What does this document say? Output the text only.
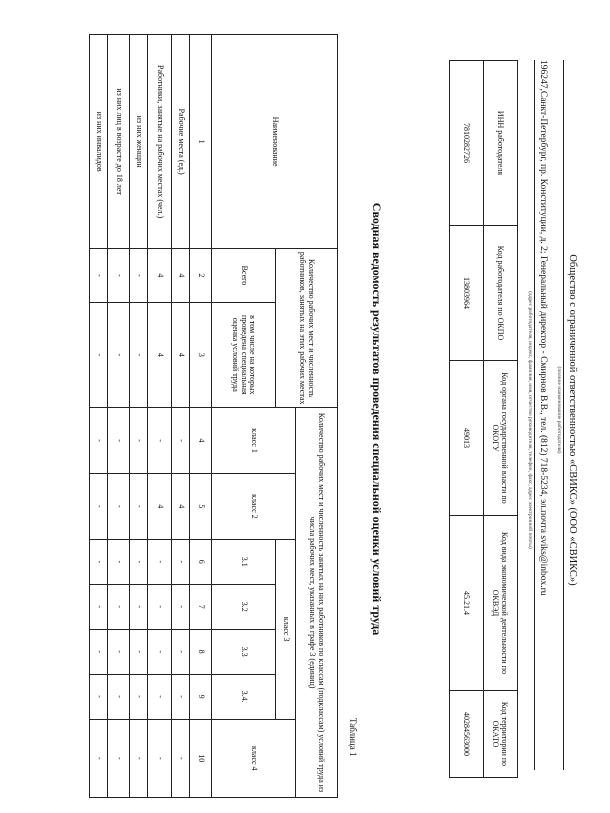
Общество с ограниченной ответственностью «СВИКС» (ООО «СВИКС»)
(полное наименование работодателя)
196247,Санкт-Петербург, пр. Конституции, д. 2; Генеральный директор - Смирнов В.В., тел. (812) 718-5234, эл.почта sviks@inbox.ru
(адрес работодателя, индекс, фамилия, имя, отчество руководителя, телефон, факс, адрес электронной почты)
ИНН работодателя	Код работодателя по ОКПО	Код органа государственной власти по ОКОГУ	Код вида экономической деятельности по ОКВЭД	Код территории по ОКАТО
7810282726	13803964	49013	45.21.4	40284563000
Сводная ведомость результатов проведения специальной оценки условий труда
Таблица 1
Наименование	Количество рабочих мест и численность работников, занятых на этих рабочих местах		Количество рабочих мест и численность занятых на них работников по классам (подклассам) условий труда из числа рабочих мест, указанных в графе 3 (единиц)						
			класс 1	класс 2	класс 3				класс 4
	Всего	в том числе на которых проведена специальная оценка условий труда			3.1	3.2	3.3	3.4.	
1	2	3	4	5	6	7	8	9	10
Рабочие места (ед.)	4	4	-	4	-	-	-	-	-
Работники, занятые на рабочих местах (чел.)	4	4	-	4	-	-	-	-	-
из них женщин	-	-	-	-	-	-	-	-	-
из них лиц в возрасте до 18 лет	-	-	-	-	-	-	-	-	-
из них инвалидов	-	-	-	-	-	-	-	-	-
